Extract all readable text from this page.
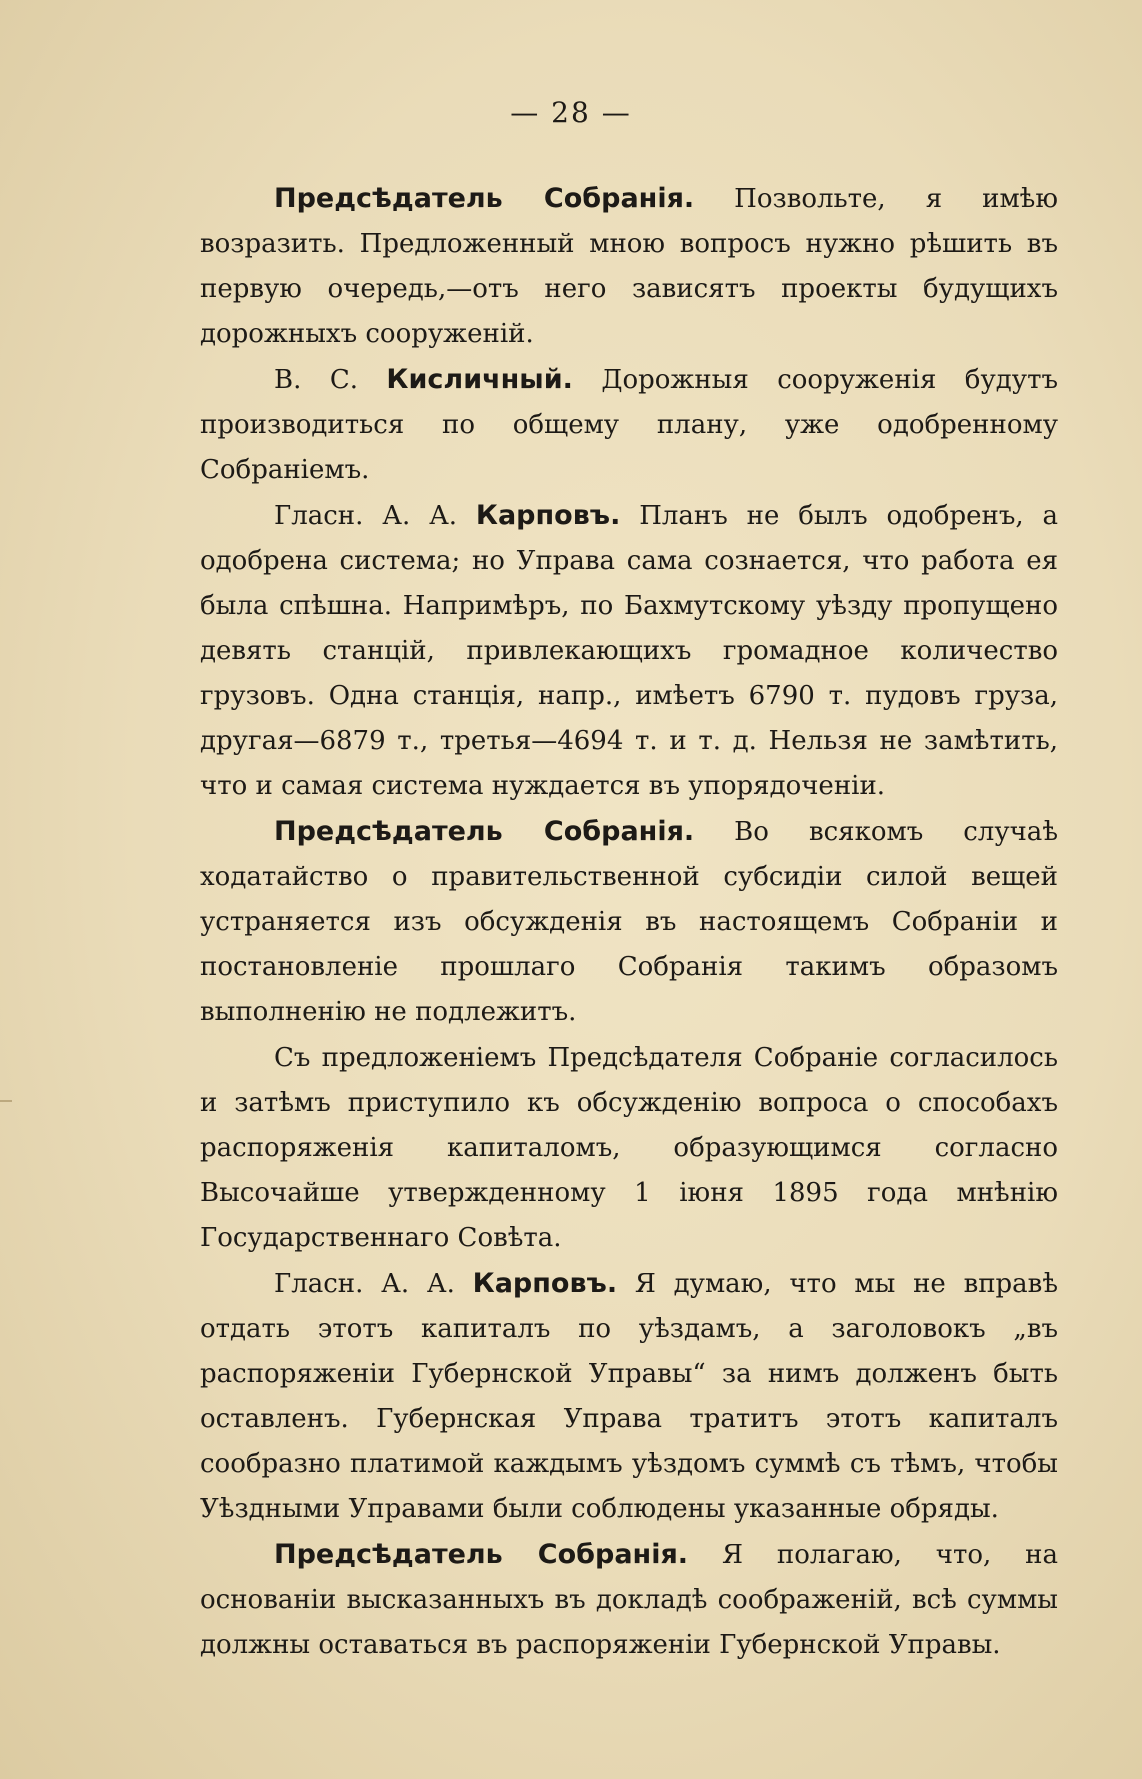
— 28 —

Предсѣдатель Собранія. Позвольте, я имѣю возразить. Предложенный мною вопросъ нужно рѣшить въ первую очередь,—отъ него зависятъ проекты будущихъ дорожныхъ сооруженій.

В. С. Кисличный. Дорожныя сооруженія будутъ производиться по общему плану, уже одобренному Собраніемъ.

Гласн. А. А. Карповъ. Планъ не былъ одобренъ, а одобрена система; но Управа сама сознается, что работа ея была спѣшна. Напримѣръ, по Бахмутскому уѣзду пропущено девять станцій, привлекающихъ громадное количество грузовъ. Одна станція, напр., имѣетъ 6790 т. пудовъ груза, другая—6879 т., третья—4694 т. и т. д. Нельзя не замѣтить, что и самая система нуждается въ упорядоченіи.

Предсѣдатель Собранія. Во всякомъ случаѣ ходатайство о правительственной субсидіи силой вещей устраняется изъ обсужденія въ настоящемъ Собраніи и постановленіе прошлаго Собранія такимъ образомъ выполненію не подлежитъ.

Съ предложеніемъ Предсѣдателя Собраніе согласилось и затѣмъ приступило къ обсужденію вопроса о способахъ распоряженія капиталомъ, образующимся согласно Высочайше утвержденному 1 іюня 1895 года мнѣнію Государственнаго Совѣта.

Гласн. А. А. Карповъ. Я думаю, что мы не вправѣ отдать этотъ капиталъ по уѣздамъ, а заголовокъ „въ распоряженіи Губернской Управы“ за нимъ долженъ быть оставленъ. Губернская Управа тратитъ этотъ капиталъ сообразно платимой каждымъ уѣздомъ суммѣ съ тѣмъ, чтобы Уѣздными Управами были соблюдены указанные обряды.

Предсѣдатель Собранія. Я полагаю, что, на основаніи высказанныхъ въ докладѣ соображеній, всѣ суммы должны оставаться въ распоряженіи Губернской Управы.
